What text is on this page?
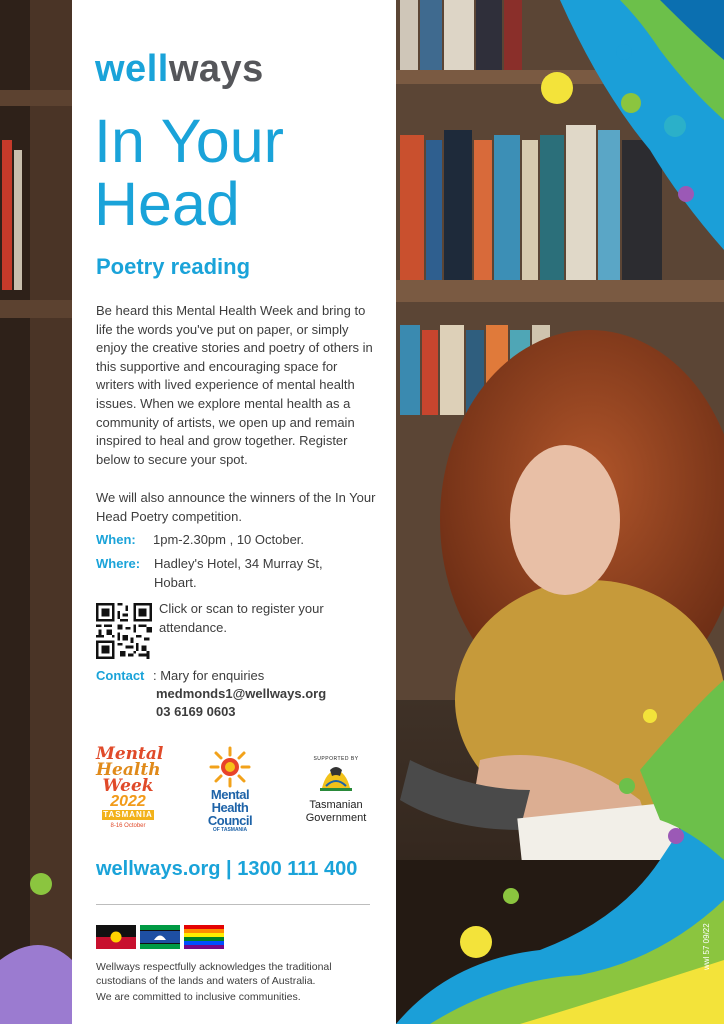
wellways
In Your
Head
Poetry reading
Be heard this Mental Health Week and bring to life the words you've put on paper, or simply enjoy the creative stories and poetry of others in this supportive and encouraging space for writers with lived experience of mental health issues. When we explore mental health as a community of artists, we open up and remain inspired to heal and grow together. Register below to secure your spot.
We will also announce the winners of the In Your Head Poetry competition.
When: 1pm-2.30pm , 10 October.
Where: Hadley's Hotel, 34 Murray St, Hobart.
Click or scan to register your attendance.
Contact : Mary for enquiries
medmonds1@wellways.org
03 6169 0603
Mental
Health
Week
2022
TASMANIA
8-16 October
Mental
Health
Council
OF TASMANIA
SUPPORTED BY
Tasmanian
Government
wellways.org | 1300 111 400
Wellways respectfully acknowledges the traditional custodians of the lands and waters of Australia.
We are committed to inclusive communities.
wwl 57 09/22
